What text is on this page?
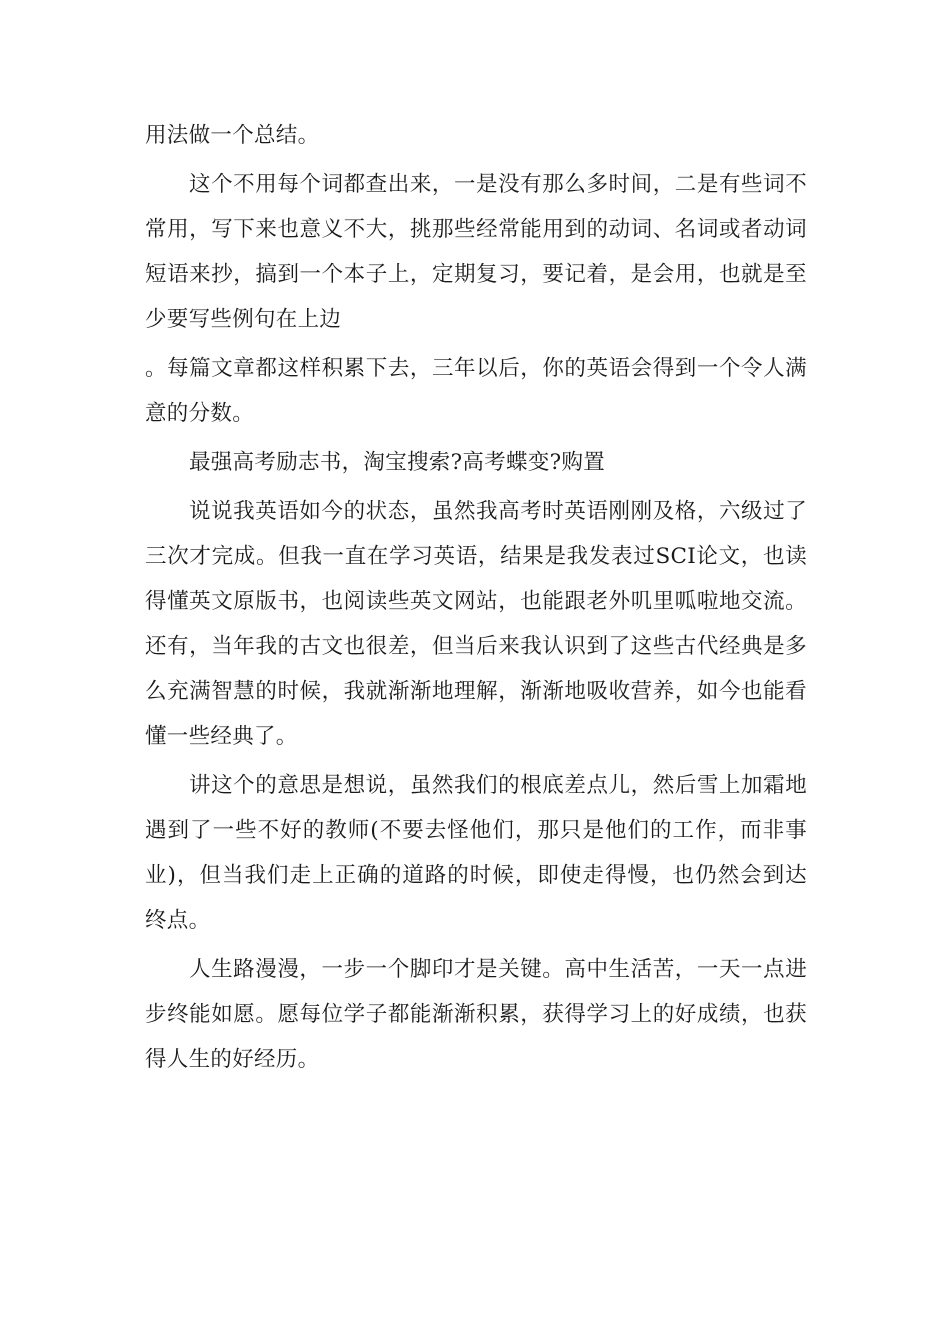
用法做一个总结。

这个不用每个词都查出来，一是没有那么多时间，二是有些词不常用，写下来也意义不大，挑那些经常能用到的动词、名词或者动词短语来抄，搞到一个本子上，定期复习，要记着，是会用，也就是至少要写些例句在上边

。每篇文章都这样积累下去，三年以后，你的英语会得到一个令人满意的分数。

最强高考励志书，淘宝搜索?高考蝶变?购置

说说我英语如今的状态，虽然我高考时英语刚刚及格，六级过了三次才完成。但我一直在学习英语，结果是我发表过SCI论文，也读得懂英文原版书，也阅读些英文网站，也能跟老外叽里呱啦地交流。还有，当年我的古文也很差，但当后来我认识到了这些古代经典是多么充满智慧的时候，我就渐渐地理解，渐渐地吸收营养，如今也能看懂一些经典了。

讲这个的意思是想说，虽然我们的根底差点儿，然后雪上加霜地遇到了一些不好的教师(不要去怪他们，那只是他们的工作，而非事业)，但当我们走上正确的道路的时候，即使走得慢，也仍然会到达终点。

人生路漫漫，一步一个脚印才是关键。高中生活苦，一天一点进步终能如愿。愿每位学子都能渐渐积累，获得学习上的好成绩，也获得人生的好经历。
